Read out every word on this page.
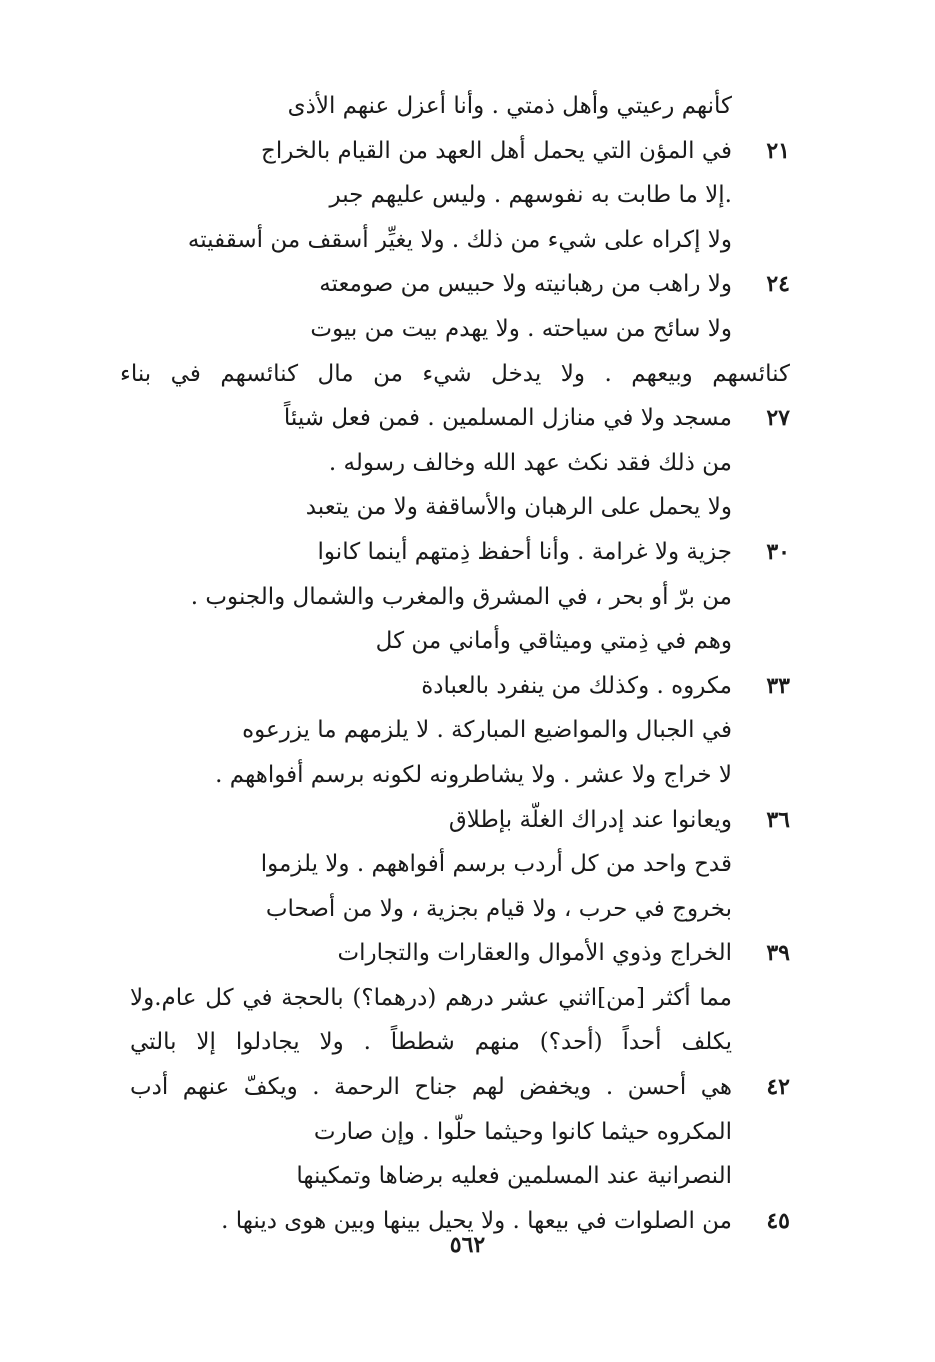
كأنهم رعيتي وأهل ذمتي . وأنا أعزل عنهم الأذى
٢١
في المؤن التي يحمل أهل العهد من القيام بالخراج
.إلا ما طابت به نفوسهم . وليس عليهم جبر
ولا إكراه على شيء من ذلك . ولا يغيِّر أسقف من أسقفيته
٢٤
ولا راهب من رهبانيته ولا حبيس من صومعته
ولا سائح من سياحته . ولا يهدم بيت من بيوت
كنائسهم وبيعهم . ولا يدخل شيء من مال كنائسهم في بناء
٢٧
مسجد ولا في منازل المسلمين . فمن فعل شيئاً
من ذلك فقد نكث عهد الله وخالف رسوله .
ولا يحمل على الرهبان والأساقفة ولا من يتعبد
٣٠
جزية ولا غرامة . وأنا أحفظ ذِمتهم أينما كانوا
من برّ أو بحر ، في المشرق والمغرب والشمال والجنوب .
وهم في ذِمتي وميثاقي وأماني من كل
٣٣
مكروه . وكذلك من ينفرد بالعبادة
في الجبال والمواضيع المباركة . لا يلزمهم ما يزرعوه
لا خراج ولا عشر . ولا يشاطرونه لكونه برسم أفواههم .
٣٦
ويعانوا عند إدراك الغلّة بإطلاق
قدح واحد من كل أردب برسم أفواههم . ولا يلزموا
بخروج في حرب ، ولا قيام بجزية ، ولا من أصحاب
٣٩
الخراج وذوي الأموال والعقارات والتجارات
مما أكثر [من]اثني عشر درهم (درهما؟) بالحجة في كل عام.ولا
يكلف أحداً (أحد؟) منهم شططاً . ولا يجادلوا إلا بالتي
٤٢
هي أحسن . ويخفض لهم جناح الرحمة . ويكفّ عنهم أدب
المكروه حيثما كانوا وحيثما حلّوا . وإن صارت
النصرانية عند المسلمين فعليه برضاها وتمكينها
٤٥
من الصلوات في بيعها . ولا يحيل بينها وبين هوى دينها .
٥٦٢
